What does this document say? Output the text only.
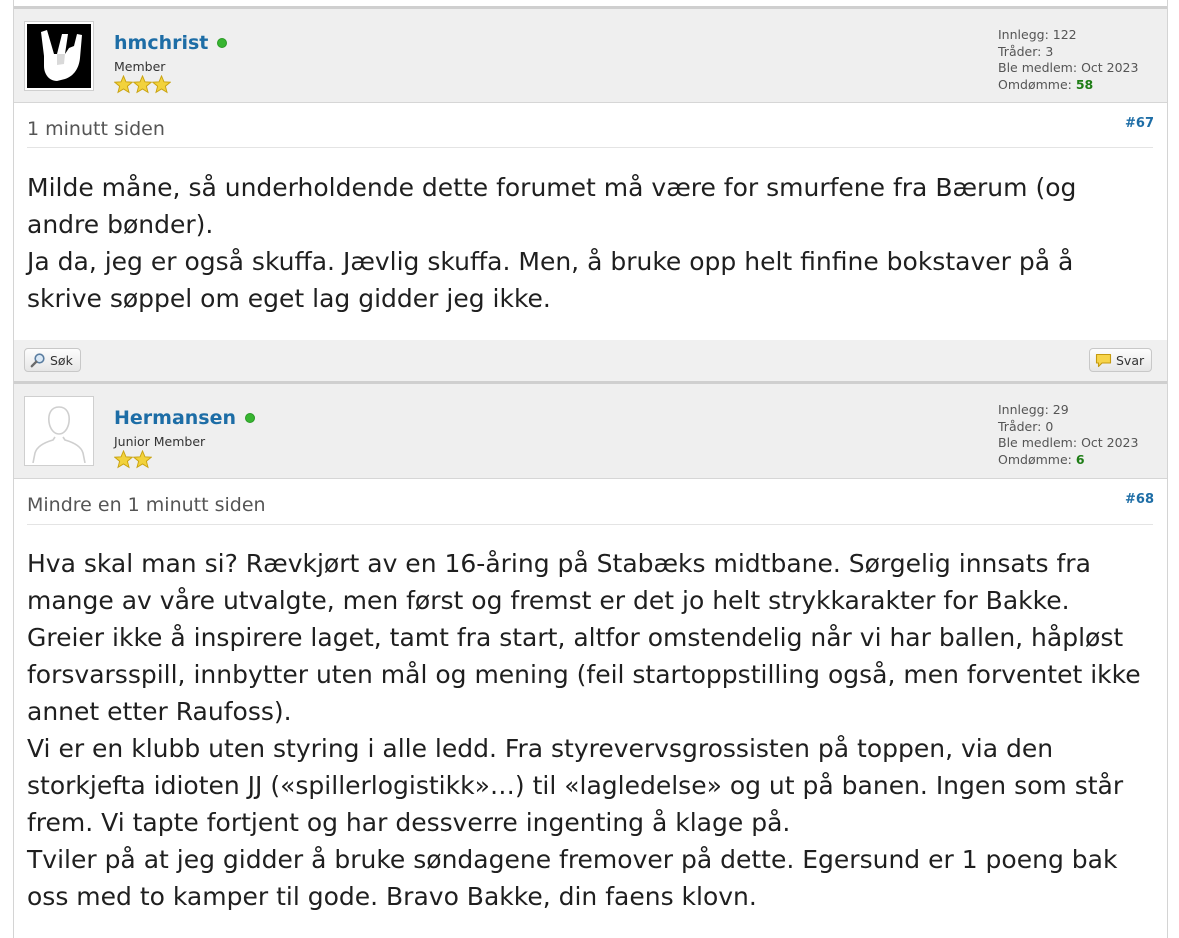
hmchrist
Member
Innlegg: 122
Tråder: 3
Ble medlem: Oct 2023
Omdømme: 58
1 minutt siden	#67

Milde måne, så underholdende dette forumet må være for smurfene fra Bærum (og andre bønder).

Ja da, jeg er også skuffa. Jævlig skuffa. Men, å bruke opp helt finfine bokstaver på å skrive søppel om eget lag gidder jeg ikke.

Søk	Svar
Hermansen
Junior Member
Innlegg: 29
Tråder: 0
Ble medlem: Oct 2023
Omdømme: 6
Mindre en 1 minutt siden	#68

Hva skal man si? Rævkjørt av en 16-åring på Stabæks midtbane. Sørgelig innsats fra mange av våre utvalgte, men først og fremst er det jo helt strykkarakter for Bakke. Greier ikke å inspirere laget, tamt fra start, altfor omstendelig når vi har ballen, håpløst forsvarsspill, innbytter uten mål og mening (feil startoppstilling også, men forventet ikke annet etter Raufoss).

Vi er en klubb uten styring i alle ledd. Fra styrevervsgrossisten på toppen, via den storkjefta idioten JJ («spillerlogistikk»…) til «lagledelse» og ut på banen. Ingen som står frem. Vi tapte fortjent og har dessverre ingenting å klage på.

Tviler på at jeg gidder å bruke søndagene fremover på dette. Egersund er 1 poeng bak oss med to kamper til gode. Bravo Bakke, din faens klovn.
